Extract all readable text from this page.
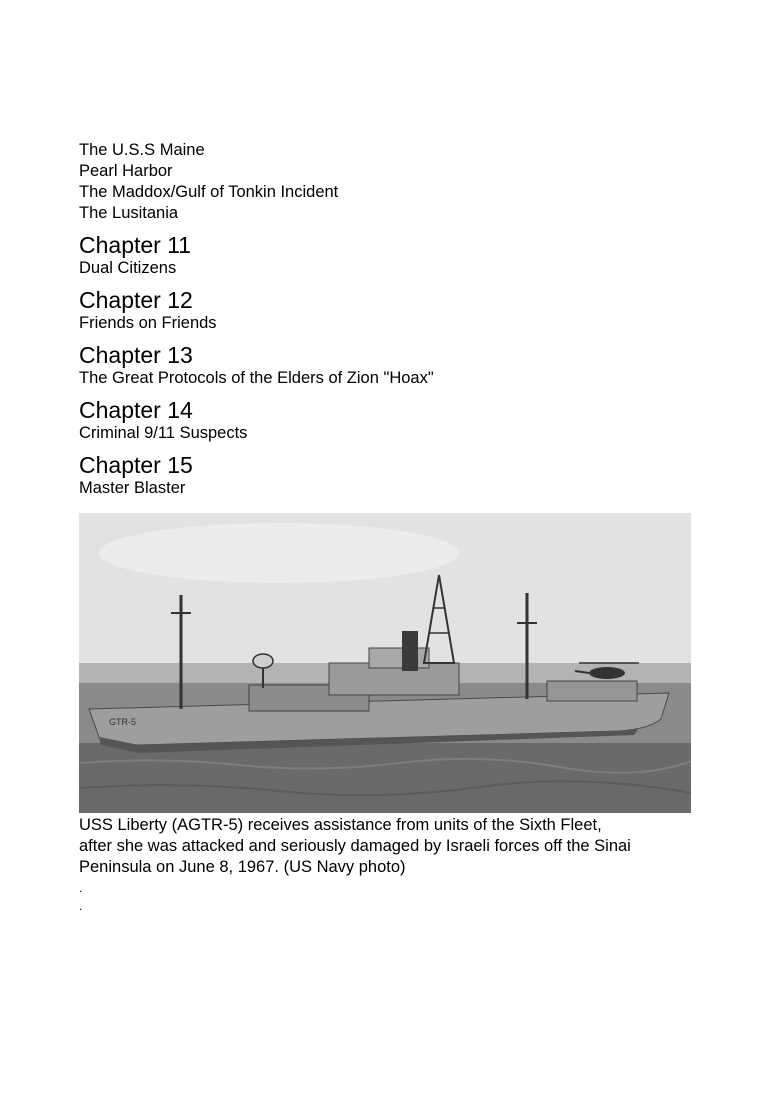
The U.S.S Maine
Pearl Harbor
The Maddox/Gulf of Tonkin Incident
The Lusitania
Chapter 11
Dual Citizens
Chapter 12
Friends on Friends
Chapter 13
The Great Protocols of the Elders of Zion "Hoax"
Chapter 14
Criminal 9/11 Suspects
Chapter 15
Master Blaster
GTR-5
USS Liberty (AGTR-5) receives assistance from units of the Sixth Fleet,
after she was attacked and seriously damaged by Israeli forces off the Sinai
Peninsula on June 8, 1967. (US Navy photo)
.
.
